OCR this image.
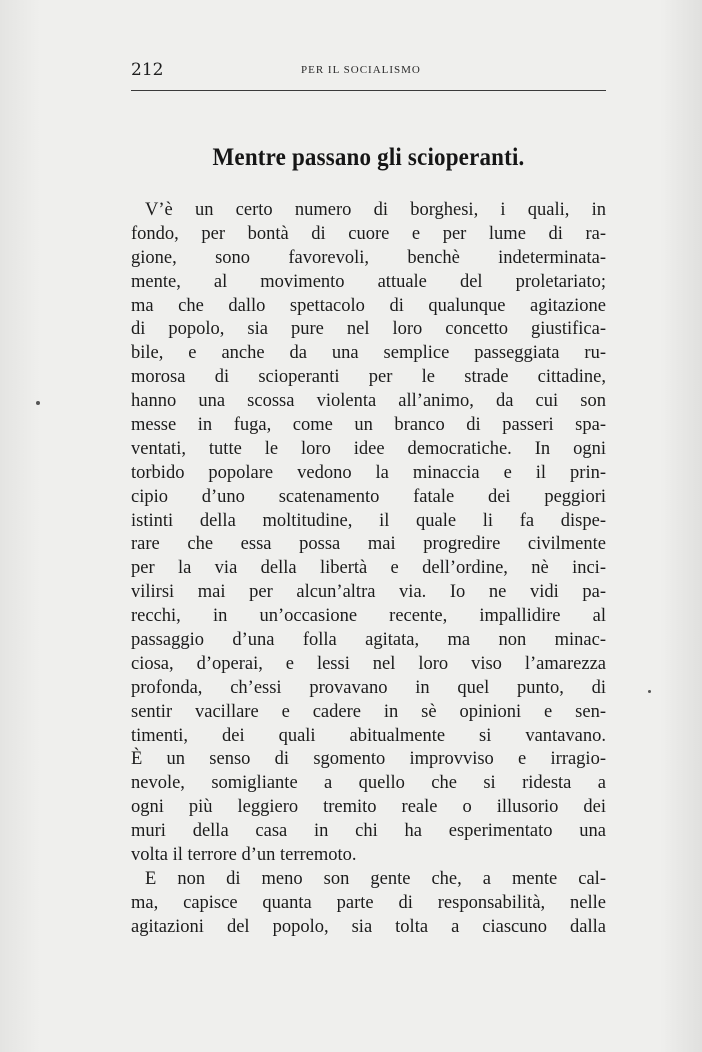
212	PER IL SOCIALISMO
Mentre passano gli scioperanti.
V’è un certo numero di borghesi, i quali, in
fondo, per bontà di cuore e per lume di ra-
gione, sono favorevoli, benchè indeterminata-
mente, al movimento attuale del proletariato;
ma che dallo spettacolo di qualunque agitazione
di popolo, sia pure nel loro concetto giustifica-
bile, e anche da una semplice passeggiata ru-
morosa di scioperanti per le strade cittadine,
hanno una scossa violenta all’animo, da cui son
messe in fuga, come un branco di passeri spa-
ventati, tutte le loro idee democratiche. In ogni
torbido popolare vedono la minaccia e il prin-
cipio d’uno scatenamento fatale dei peggiori
istinti della moltitudine, il quale li fa dispe-
rare che essa possa mai progredire civilmente
per la via della libertà e dell’ordine, nè inci-
vilirsi mai per alcun’altra via. Io ne vidi pa-
recchi, in un’occasione recente, impallidire al
passaggio d’una folla agitata, ma non minac-
ciosa, d’operai, e lessi nel loro viso l’amarezza
profonda, ch’essi provavano in quel punto, di
sentir vacillare e cadere in sè opinioni e sen-
timenti, dei quali abitualmente si vantavano.
È un senso di sgomento improvviso e irragio-
nevole, somigliante a quello che si ridesta a
ogni più leggiero tremito reale o illusorio dei
muri della casa in chi ha esperimentato una
volta il terrore d’un terremoto.
E non di meno son gente che, a mente cal-
ma, capisce quanta parte di responsabilità, nelle
agitazioni del popolo, sia tolta a ciascuno dalla
